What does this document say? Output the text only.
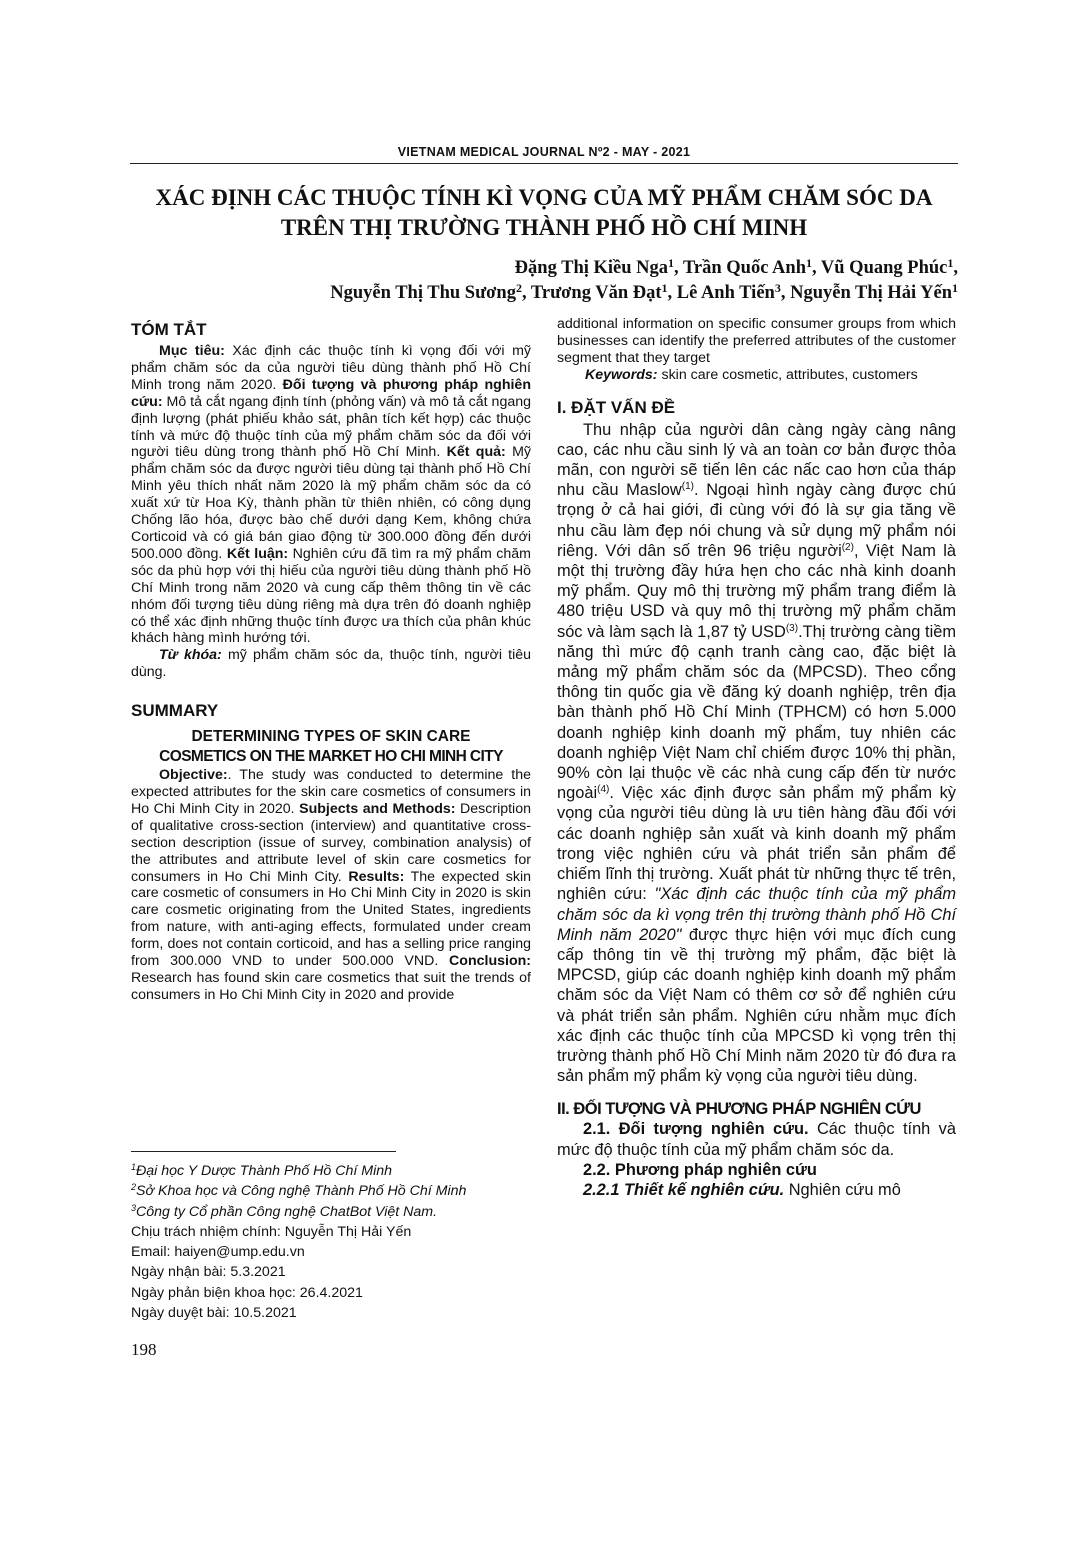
VIETNAM MEDICAL JOURNAL Nº2 - MAY - 2021
XÁC ĐỊNH CÁC THUỘC TÍNH KÌ VỌNG CỦA MỸ PHẨM CHĂM SÓC DA
TRÊN THỊ TRƯỜNG THÀNH PHỐ HỒ CHÍ MINH
Đặng Thị Kiều Nga$^1$, Trần Quốc Anh$^1$, Vũ Quang Phúc$^1$,
Nguyễn Thị Thu Sương$^2$, Trương Văn Đạt$^1$, Lê Anh Tiến$^3$, Nguyễn Thị Hải Yến$^1$
TÓM TẮT

Mục tiêu: Xác định các thuộc tính kì vọng đối với mỹ phẩm chăm sóc da của người tiêu dùng thành phố Hồ Chí Minh trong năm 2020. Đối tượng và phương pháp nghiên cứu: Mô tả cắt ngang định tính (phỏng vấn) và mô tả cắt ngang định lượng (phát phiếu khảo sát, phân tích kết hợp) các thuộc tính và mức độ thuộc tính của mỹ phẩm chăm sóc da đối với người tiêu dùng trong thành phố Hồ Chí Minh. Kết quả: Mỹ phẩm chăm sóc da được người tiêu dùng tại thành phố Hồ Chí Minh yêu thích nhất năm 2020 là mỹ phẩm chăm sóc da có xuất xứ từ Hoa Kỳ, thành phần từ thiên nhiên, có công dụng Chống lão hóa, được bào chế dưới dạng Kem, không chứa Corticoid và có giá bán giao động từ 300.000 đồng đến dưới 500.000 đồng. Kết luận: Nghiên cứu đã tìm ra mỹ phẩm chăm sóc da phù hợp với thị hiếu của người tiêu dùng thành phố Hồ Chí Minh trong năm 2020 và cung cấp thêm thông tin về các nhóm đối tượng tiêu dùng riêng mà dựa trên đó doanh nghiệp có thể xác định những thuộc tính được ưa thích của phân khúc khách hàng mình hướng tới.

Từ khóa: mỹ phẩm chăm sóc da, thuộc tính, người tiêu dùng.

SUMMARY

DETERMINING TYPES OF SKIN CARE

COSMETICS ON THE MARKET HO CHI MINH CITY

Objective:. The study was conducted to determine the expected attributes for the skin care cosmetics of consumers in Ho Chi Minh City in 2020. Subjects and Methods: Description of qualitative cross-section (interview) and quantitative cross-section description (issue of survey, combination analysis) of the attributes and attribute level of skin care cosmetics for consumers in Ho Chi Minh City. Results: The expected skin care cosmetic of consumers in Ho Chi Minh City in 2020 is skin care cosmetic originating from the United States, ingredients from nature, with anti-aging effects, formulated under cream form, does not contain corticoid, and has a selling price ranging from 300.000 VND to under 500.000 VND. Conclusion: Research has found skin care cosmetics that suit the trends of consumers in Ho Chi Minh City in 2020 and provide

$^1$Đại học Y Dược Thành Phố Hồ Chí Minh
$^2$Sở Khoa học và Công nghệ Thành Phố Hồ Chí Minh
$^3$Công ty Cổ phần Công nghệ ChatBot Việt Nam.
Chịu trách nhiệm chính: Nguyễn Thị Hải Yến
Email: haiyen@ump.edu.vn
Ngày nhận bài: 5.3.2021
Ngày phản biện khoa học: 26.4.2021
Ngày duyệt bài: 10.5.2021
198

additional information on specific consumer groups from which businesses can identify the preferred attributes of the customer segment that they target

Keywords: skin care cosmetic, attributes, customers

I. ĐẶT VẤN ĐỀ

Thu nhập của người dân càng ngày càng nâng cao, các nhu cầu sinh lý và an toàn cơ bản được thỏa mãn, con người sẽ tiến lên các nấc cao hơn của tháp nhu cầu Maslow$^{(1)}$. Ngoại hình ngày càng được chú trọng ở cả hai giới, đi cùng với đó là sự gia tăng về nhu cầu làm đẹp nói chung và sử dụng mỹ phẩm nói riêng. Với dân số trên 96 triệu người$^{(2)}$, Việt Nam là một thị trường đầy hứa hẹn cho các nhà kinh doanh mỹ phẩm. Quy mô thị trường mỹ phẩm trang điểm là 480 triệu USD và quy mô thị trường mỹ phẩm chăm sóc và làm sạch là 1,87 tỷ USD$^{(3)}$.Thị trường càng tiềm năng thì mức độ cạnh tranh càng cao, đặc biệt là mảng mỹ phẩm chăm sóc da (MPCSD). Theo cổng thông tin quốc gia về đăng ký doanh nghiệp, trên địa bàn thành phố Hồ Chí Minh (TPHCM) có hơn 5.000 doanh nghiệp kinh doanh mỹ phẩm, tuy nhiên các doanh nghiệp Việt Nam chỉ chiếm được 10% thị phần, 90% còn lại thuộc về các nhà cung cấp đến từ nước ngoài$^{(4)}$. Việc xác định được sản phẩm mỹ phẩm kỳ vọng của người tiêu dùng là ưu tiên hàng đầu đối với các doanh nghiệp sản xuất và kinh doanh mỹ phẩm trong việc nghiên cứu và phát triển sản phẩm để chiếm lĩnh thị trường. Xuất phát từ những thực tế trên, nghiên cứu: "Xác định các thuộc tính của mỹ phẩm chăm sóc da kì vọng trên thị trường thành phố Hồ Chí Minh năm 2020" được thực hiện với mục đích cung cấp thông tin về thị trường mỹ phẩm, đặc biệt là MPCSD, giúp các doanh nghiệp kinh doanh mỹ phẩm chăm sóc da Việt Nam có thêm cơ sở để nghiên cứu và phát triển sản phẩm. Nghiên cứu nhằm mục đích xác định các thuộc tính của MPCSD kì vọng trên thị trường thành phố Hồ Chí Minh năm 2020 từ đó đưa ra sản phẩm mỹ phẩm kỳ vọng của người tiêu dùng.

II. ĐỐI TƯỢNG VÀ PHƯƠNG PHÁP NGHIÊN CỨU

2.1. Đối tượng nghiên cứu. Các thuộc tính và mức độ thuộc tính của mỹ phẩm chăm sóc da.

2.2. Phương pháp nghiên cứu

2.2.1 Thiết kế nghiên cứu. Nghiên cứu mô
